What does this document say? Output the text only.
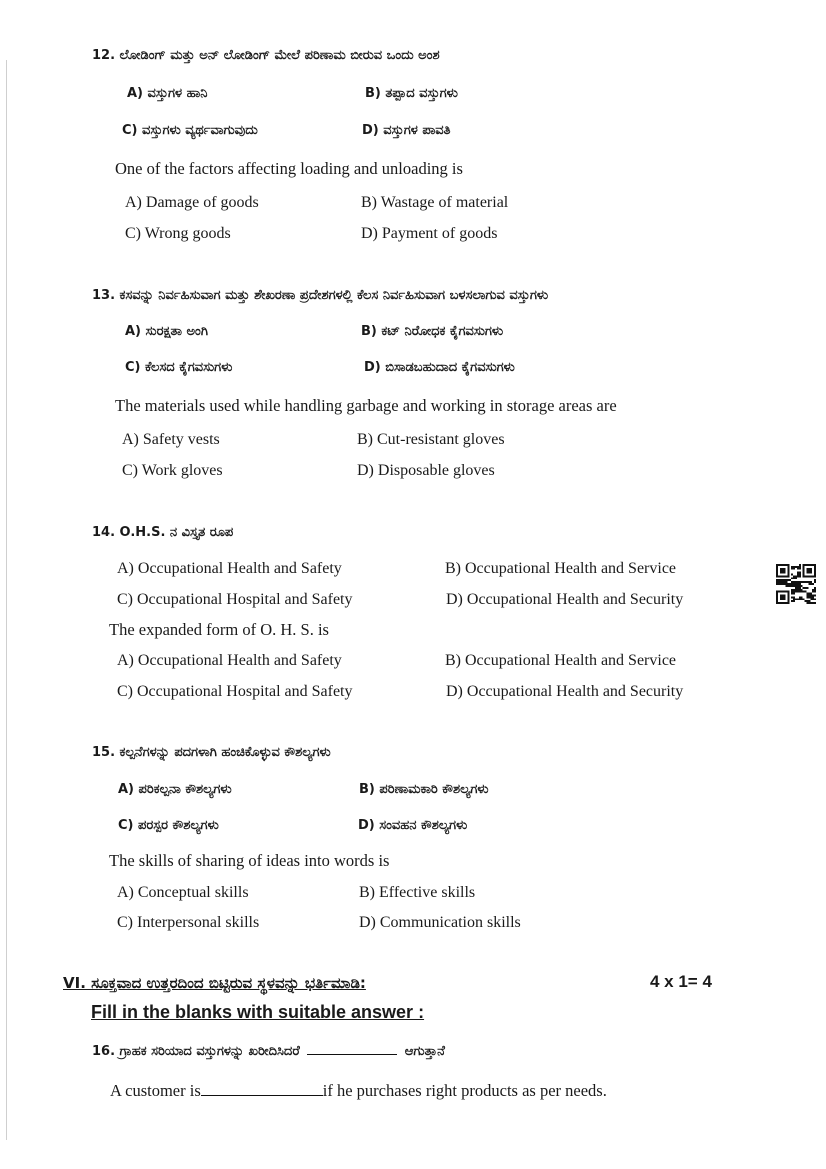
12. ಲೋಡಿಂಗ್ ಮತ್ತು ಅನ್ ಲೋಡಿಂಗ್ ಮೇಲೆ ಪರಿಣಾಮ ಬೀರುವ ಒಂದು ಅಂಶ
A) ವಸ್ತುಗಳ ಹಾನಿ	B) ತಪ್ಪಾದ ವಸ್ತುಗಳು
C) ವಸ್ತುಗಳು ವ್ಯರ್ಥವಾಗುವುದು	D) ವಸ್ತುಗಳ ಪಾವತಿ
One of the factors affecting loading and unloading is
A) Damage of goods	B) Wastage of material
C) Wrong goods	D) Payment of goods
13. ಕಸವನ್ನು ನಿರ್ವಹಿಸುವಾಗ ಮತ್ತು ಶೇಖರಣಾ ಪ್ರದೇಶಗಳಲ್ಲಿ ಕೆಲಸ ನಿರ್ವಹಿಸುವಾಗ ಬಳಸಲಾಗುವ ವಸ್ತುಗಳು
A) ಸುರಕ್ಷತಾ ಅಂಗಿ	B) ಕಟ್ ನಿರೋಧಕ ಕೈಗವಸುಗಳು
C) ಕೆಲಸದ ಕೈಗವಸುಗಳು	D) ಬಿಸಾಡಬಹುದಾದ ಕೈಗವಸುಗಳು
The materials used while handling garbage and working in storage areas are
A) Safety vests	B) Cut-resistant gloves
C) Work gloves	D) Disposable gloves
14. O.H.S. ನ ವಿಸ್ತೃತ ರೂಪ
A) Occupational Health and Safety	B) Occupational Health and Service
C) Occupational Hospital and Safety	D) Occupational Health and Security
The expanded form of O. H. S. is
A) Occupational Health and Safety	B) Occupational Health and Service
C) Occupational Hospital and Safety	D) Occupational Health and Security
15. ಕಲ್ಪನೆಗಳನ್ನು ಪದಗಳಾಗಿ ಹಂಚಿಕೊಳ್ಳುವ ಕೌಶಲ್ಯಗಳು
A) ಪರಿಕಲ್ಪನಾ ಕೌಶಲ್ಯಗಳು	B) ಪರಿಣಾಮಕಾರಿ ಕೌಶಲ್ಯಗಳು
C) ಪರಸ್ಪರ ಕೌಶಲ್ಯಗಳು	D) ಸಂವಹನ ಕೌಶಲ್ಯಗಳು
The skills of sharing of ideas into words is
A) Conceptual skills	B) Effective skills
C) Interpersonal skills	D) Communication skills
VI. ಸೂಕ್ತವಾದ ಉತ್ತರದಿಂದ ಬಿಟ್ಟಿರುವ ಸ್ಥಳವನ್ನು ಭರ್ತಿಮಾಡಿ:	4 x 1= 4
Fill in the blanks with suitable answer :
16. ಗ್ರಾಹಕ ಸರಿಯಾದ ವಸ್ತುಗಳನ್ನು ಖರೀದಿಸಿದರೆ	ಆಗುತ್ತಾನೆ
A customer is	if he purchases right products as per needs.
